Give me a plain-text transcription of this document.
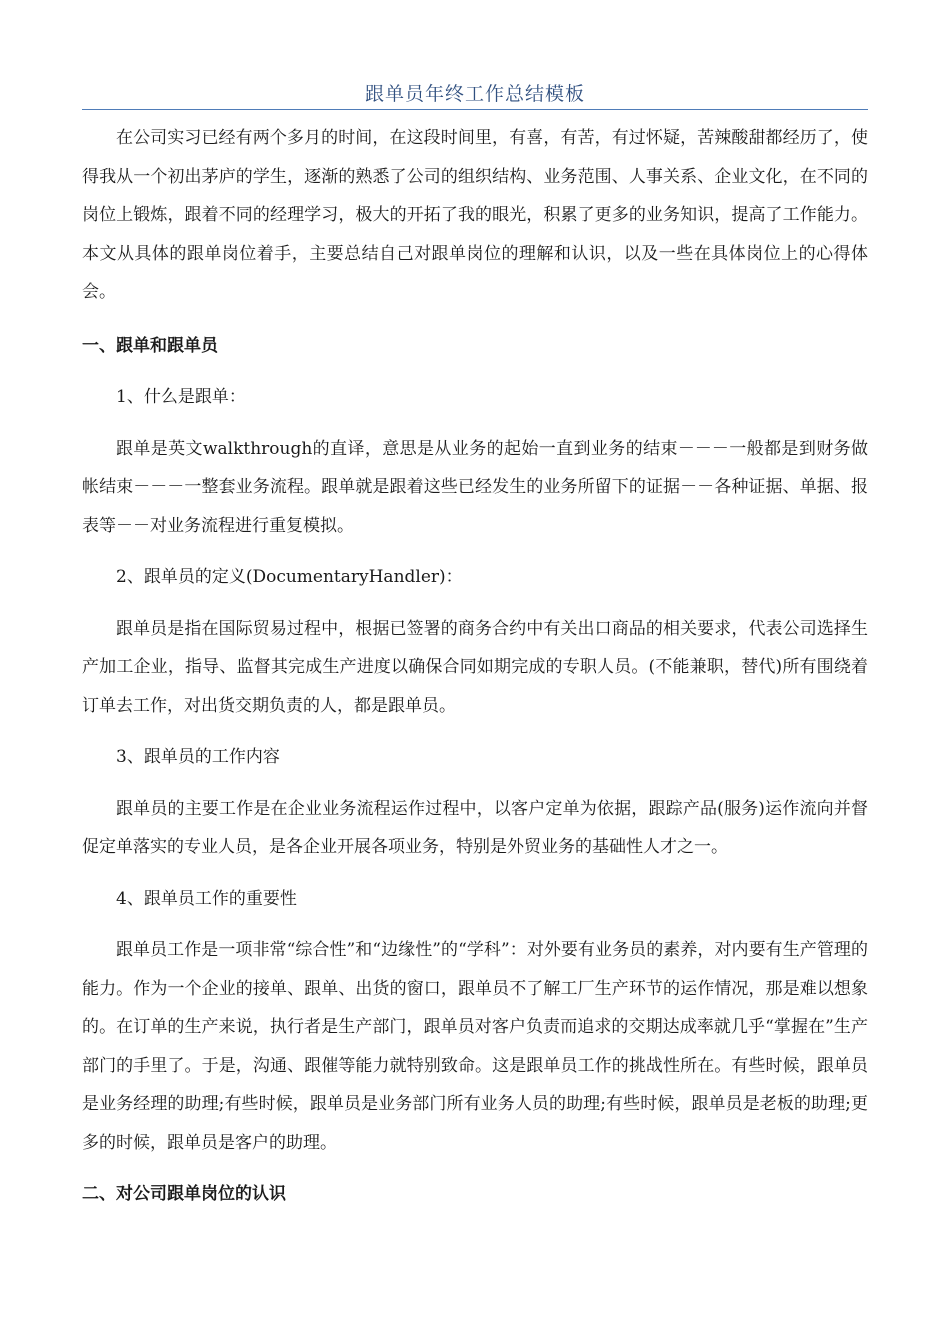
跟单员年终工作总结模板

在公司实习已经有两个多月的时间，在这段时间里，有喜，有苦，有过怀疑，苦辣酸甜都经历了，使得我从一个初出茅庐的学生，逐渐的熟悉了公司的组织结构、业务范围、人事关系、企业文化，在不同的岗位上锻炼，跟着不同的经理学习，极大的开拓了我的眼光，积累了更多的业务知识，提高了工作能力。本文从具体的跟单岗位着手，主要总结自己对跟单岗位的理解和认识，以及一些在具体岗位上的心得体会。

一、跟单和跟单员

1、什么是跟单：

跟单是英文walkthrough的直译，意思是从业务的起始一直到业务的结束－－－一般都是到财务做帐结束－－－一整套业务流程。跟单就是跟着这些已经发生的业务所留下的证据－－各种证据、单据、报表等－－对业务流程进行重复模拟。

2、跟单员的定义(DocumentaryHandler)：

跟单员是指在国际贸易过程中，根据已签署的商务合约中有关出口商品的相关要求，代表公司选择生产加工企业，指导、监督其完成生产进度以确保合同如期完成的专职人员。(不能兼职，替代)所有围绕着订单去工作，对出货交期负责的人，都是跟单员。

3、跟单员的工作内容

跟单员的主要工作是在企业业务流程运作过程中，以客户定单为依据，跟踪产品(服务)运作流向并督促定单落实的专业人员，是各企业开展各项业务，特别是外贸业务的基础性人才之一。

4、跟单员工作的重要性

跟单员工作是一项非常“综合性”和“边缘性”的“学科”：对外要有业务员的素养，对内要有生产管理的能力。作为一个企业的接单、跟单、出货的窗口，跟单员不了解工厂生产环节的运作情况，那是难以想象的。在订单的生产来说，执行者是生产部门，跟单员对客户负责而追求的交期达成率就几乎“掌握在”生产部门的手里了。于是，沟通、跟催等能力就特别致命。这是跟单员工作的挑战性所在。有些时候，跟单员是业务经理的助理;有些时候，跟单员是业务部门所有业务人员的助理;有些时候，跟单员是老板的助理;更多的时候，跟单员是客户的助理。

二、对公司跟单岗位的认识
